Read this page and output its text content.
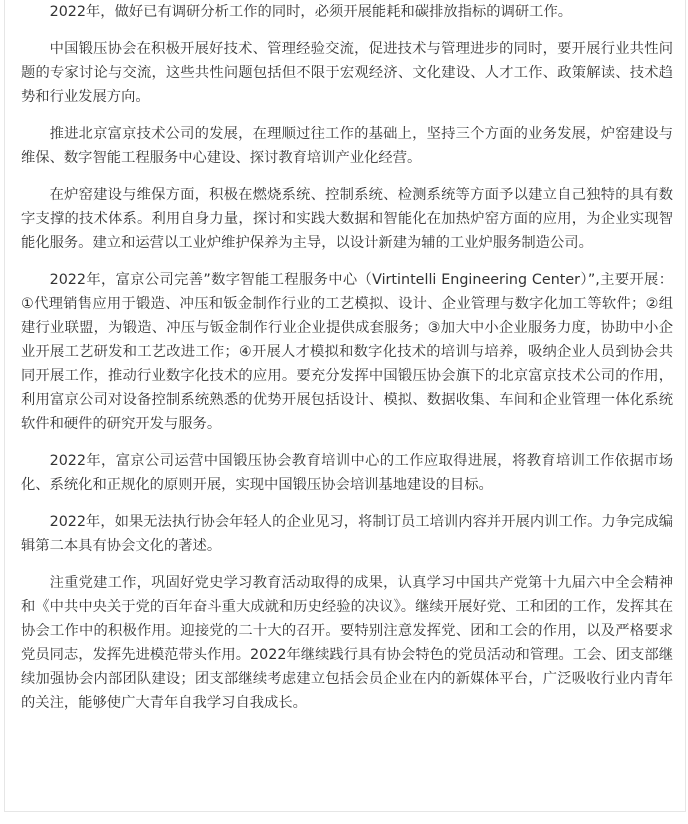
2022年，做好已有调研分析工作的同时，必须开展能耗和碳排放指标的调研工作。

中国锻压协会在积极开展好技术、管理经验交流，促进技术与管理进步的同时，要开展行业共性问题的专家讨论与交流，这些共性问题包括但不限于宏观经济、文化建设、人才工作、政策解读、技术趋势和行业发展方向。

推进北京富京技术公司的发展，在理顺过往工作的基础上，坚持三个方面的业务发展，炉窑建设与维保、数字智能工程服务中心建设、探讨教育培训产业化经营。

在炉窑建设与维保方面，积极在燃烧系统、控制系统、检测系统等方面予以建立自己独特的具有数字支撑的技术体系。利用自身力量，探讨和实践大数据和智能化在加热炉窑方面的应用，为企业实现智能化服务。建立和运营以工业炉维护保养为主导，以设计新建为辅的工业炉服务制造公司。

2022年，富京公司完善”数字智能工程服务中心（Virtintelli Engineering Center）”,主要开展：①代理销售应用于锻造、冲压和钣金制作行业的工艺模拟、设计、企业管理与数字化加工等软件；②组建行业联盟，为锻造、冲压与钣金制作行业企业提供成套服务；③加大中小企业服务力度，协助中小企业开展工艺研发和工艺改进工作；④开展人才模拟和数字化技术的培训与培养，吸纳企业人员到协会共同开展工作，推动行业数字化技术的应用。要充分发挥中国锻压协会旗下的北京富京技术公司的作用，利用富京公司对设备控制系统熟悉的优势开展包括设计、模拟、数据收集、车间和企业管理一体化系统软件和硬件的研究开发与服务。

2022年，富京公司运营中国锻压协会教育培训中心的工作应取得进展，将教育培训工作依据市场化、系统化和正规化的原则开展，实现中国锻压协会培训基地建设的目标。

2022年，如果无法执行协会年轻人的企业见习，将制订员工培训内容并开展内训工作。力争完成编辑第二本具有协会文化的著述。

注重党建工作，巩固好党史学习教育活动取得的成果，认真学习中国共产党第十九届六中全会精神和《中共中央关于党的百年奋斗重大成就和历史经验的决议》。继续开展好党、工和团的工作，发挥其在协会工作中的积极作用。迎接党的二十大的召开。要特别注意发挥党、团和工会的作用，以及严格要求党员同志，发挥先进模范带头作用。2022年继续践行具有协会特色的党员活动和管理。工会、团支部继续加强协会内部团队建设；团支部继续考虑建立包括会员企业在内的新媒体平台，广泛吸收行业内青年的关注，能够使广大青年自我学习自我成长。
